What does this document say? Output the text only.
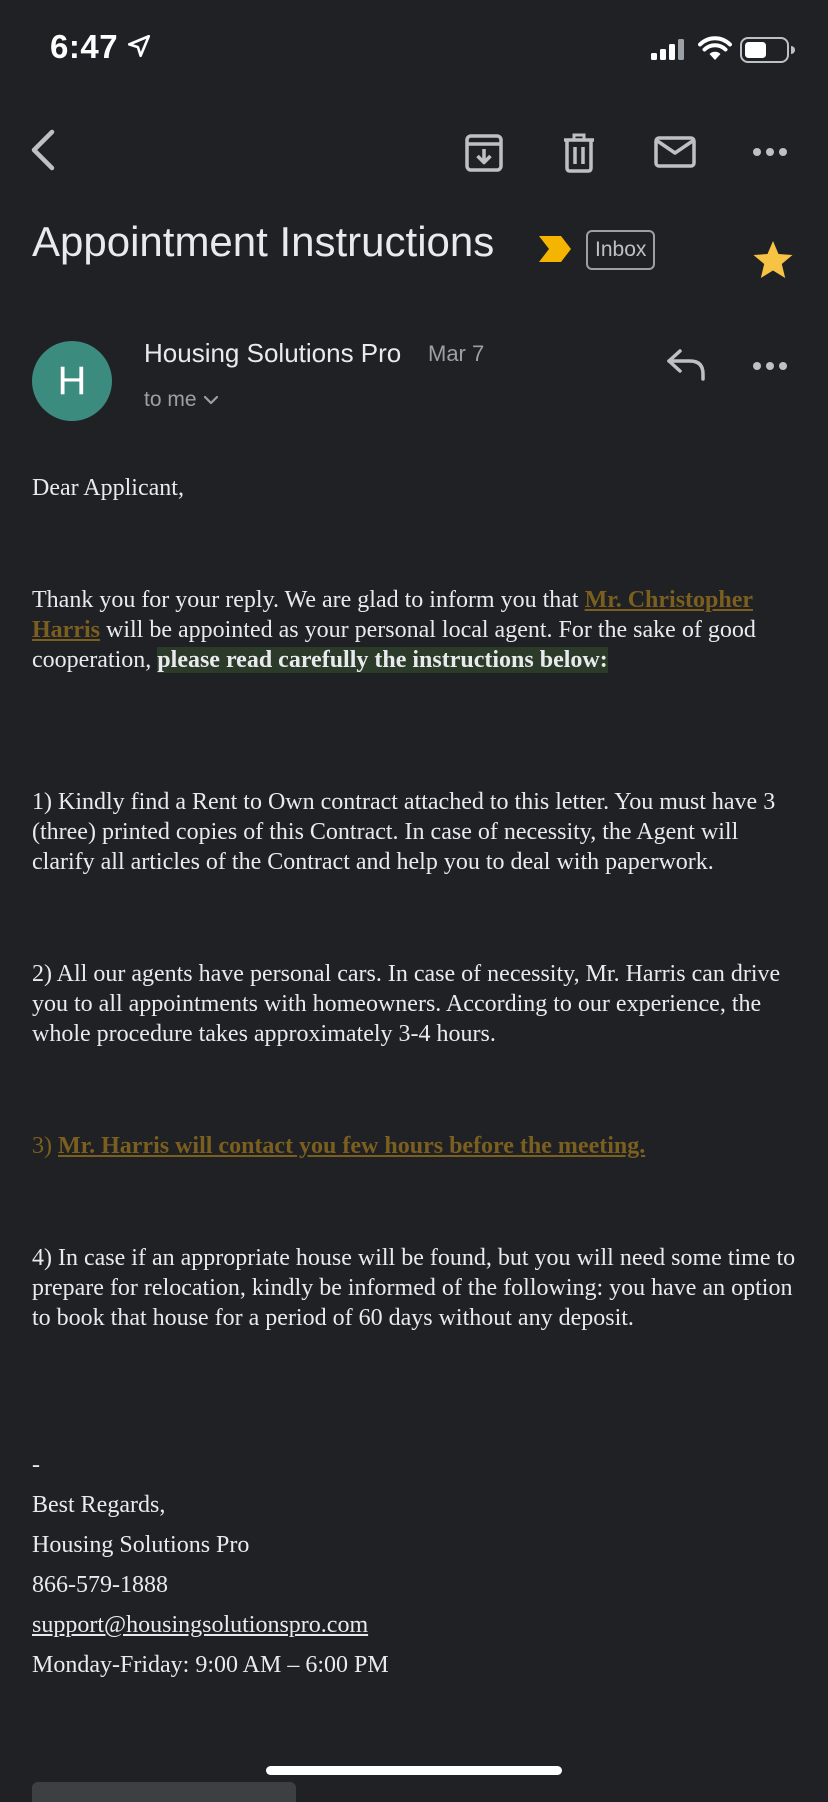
6:47
Appointment Instructions	Inbox
H
Housing Solutions Pro Mar 7
to me

Dear Applicant,

Thank you for your reply. We are glad to inform you that Mr. Christopher Harris will be appointed as your personal local agent. For the sake of good cooperation, please read carefully the instructions below:

1) Kindly find a Rent to Own contract attached to this letter. You must have 3 (three) printed copies of this Contract. In case of necessity, the Agent will clarify all articles of the Contract and help you to deal with paperwork.

2) All our agents have personal cars. In case of necessity, Mr. Harris can drive you to all appointments with homeowners. According to our experience, the whole procedure takes approximately 3-4 hours.

3) Mr. Harris will contact you few hours before the meeting.

4) In case if an appropriate house will be found, but you will need some time to prepare for relocation, kindly be informed of the following: you have an option to book that house for a period of 60 days without any deposit.

-
Best Regards,
Housing Solutions Pro
866-579-1888
support@housingsolutionspro.com
Monday-Friday: 9:00 AM – 6:00 PM
